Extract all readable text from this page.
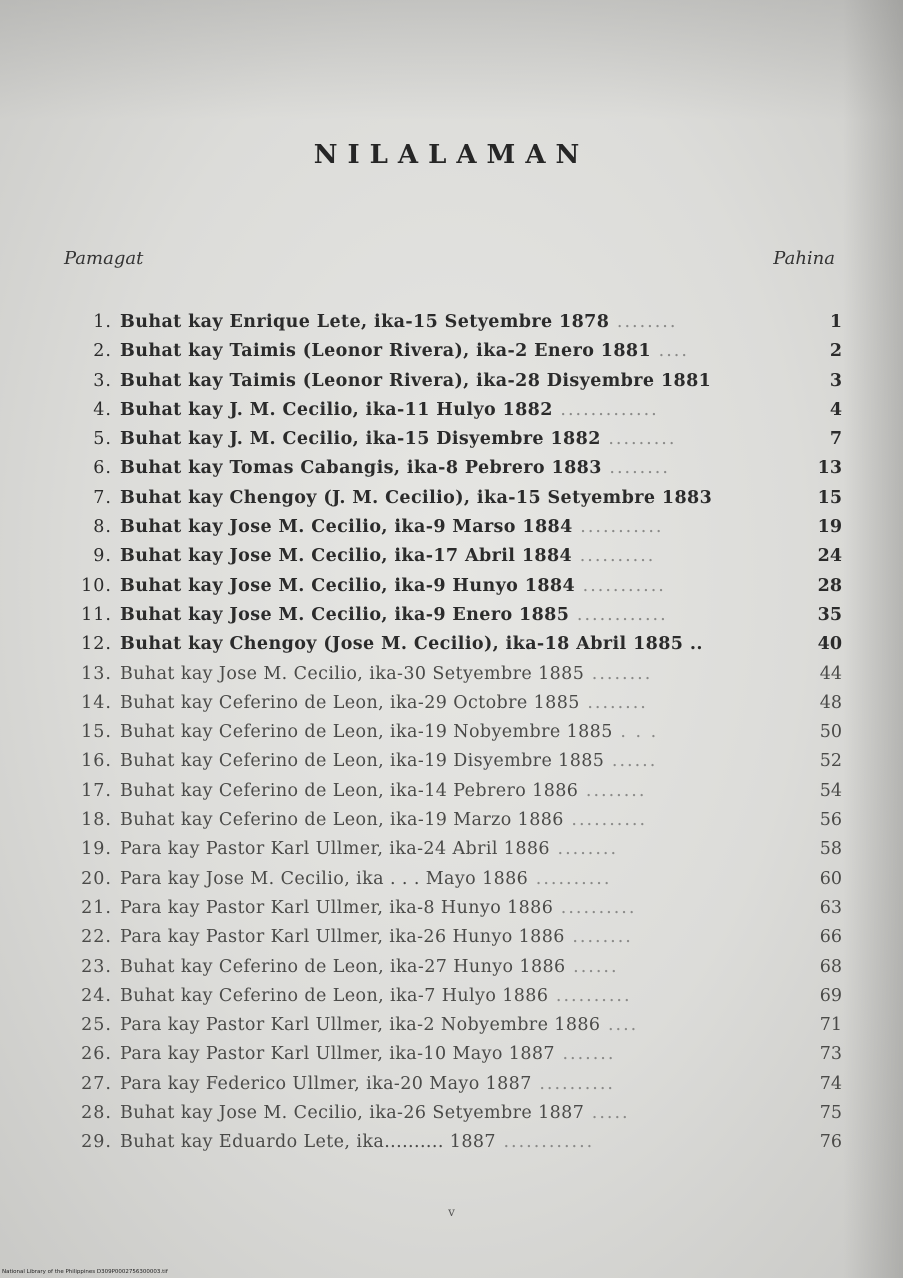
NILALAMAN
Pamagat	Pahina
1. Buhat kay Enrique Lete, ika-15 Setyembre 1878 ........	1
2. Buhat kay Taimis (Leonor Rivera), ika-2 Enero 1881 ....	2
3. Buhat kay Taimis (Leonor Rivera), ika-28 Disyembre 1881	3
4. Buhat kay J. M. Cecilio, ika-11 Hulyo 1882 .............	4
5. Buhat kay J. M. Cecilio, ika-15 Disyembre 1882 .........	7
6. Buhat kay Tomas Cabangis, ika-8 Pebrero 1883 ........	13
7. Buhat kay Chengoy (J. M. Cecilio), ika-15 Setyembre 1883	15
8. Buhat kay Jose M. Cecilio, ika-9 Marso 1884 ...........	19
9. Buhat kay Jose M. Cecilio, ika-17 Abril 1884 ..........	24
10. Buhat kay Jose M. Cecilio, ika-9 Hunyo 1884 ...........	28
11. Buhat kay Jose M. Cecilio, ika-9 Enero 1885 ............	35
12. Buhat kay Chengoy (Jose M. Cecilio), ika-18 Abril 1885 ..	40
13. Buhat kay Jose M. Cecilio, ika-30 Setyembre 1885 ........	44
14. Buhat kay Ceferino de Leon, ika-29 Octobre 1885 ........	48
15. Buhat kay Ceferino de Leon, ika-19 Nobyembre 1885 . . .	50
16. Buhat kay Ceferino de Leon, ika-19 Disyembre 1885 ......	52
17. Buhat kay Ceferino de Leon, ika-14 Pebrero 1886 ........	54
18. Buhat kay Ceferino de Leon, ika-19 Marzo 1886 ..........	56
19. Para kay Pastor Karl Ullmer, ika-24 Abril 1886 ........	58
20. Para kay Jose M. Cecilio, ika . . . Mayo 1886 ..........	60
21. Para kay Pastor Karl Ullmer, ika-8 Hunyo 1886 ..........	63
22. Para kay Pastor Karl Ullmer, ika-26 Hunyo 1886 ........	66
23. Buhat kay Ceferino de Leon, ika-27 Hunyo 1886 ......	68
24. Buhat kay Ceferino de Leon, ika-7 Hulyo 1886 ..........	69
25. Para kay Pastor Karl Ullmer, ika-2 Nobyembre 1886 ....	71
26. Para kay Pastor Karl Ullmer, ika-10 Mayo 1887 .......	73
27. Para kay Federico Ullmer, ika-20 Mayo 1887 ..........	74
28. Buhat kay Jose M. Cecilio, ika-26 Setyembre 1887 .....	75
29. Buhat kay Eduardo Lete, ika.......... 1887 ............	76
v
National Library of the Philippines D309P0002756300003.tif
